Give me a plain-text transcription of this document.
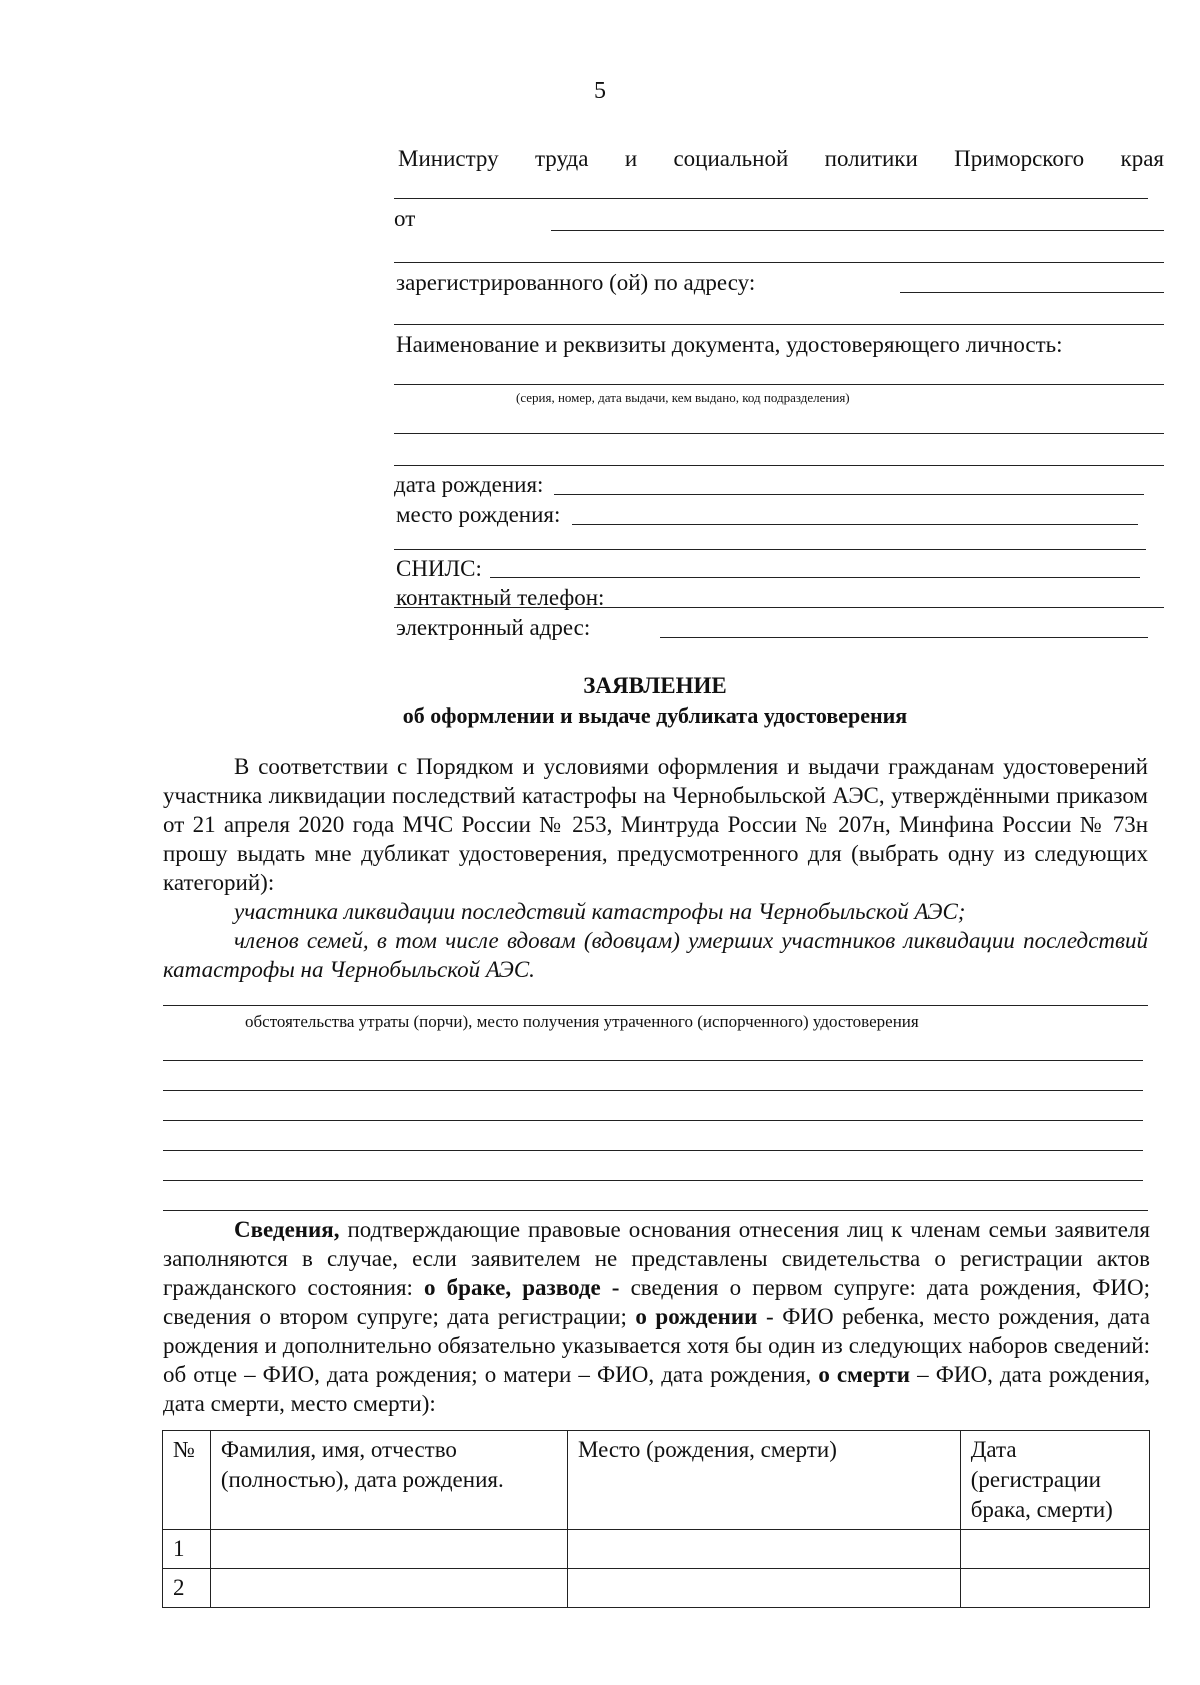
5
Министру труда и социальной политики Приморского края
от
зарегистрированного (ой) по адресу:
Наименование и реквизиты документа, удостоверяющего личность:
(серия, номер, дата выдачи, кем выдано, код подразделения)
дата рождения:
место рождения:
СНИЛС:
контактный телефон:
электронный адрес:
ЗАЯВЛЕНИЕ
об оформлении и выдаче дубликата удостоверения

В соответствии с Порядком и условиями оформления и выдачи гражданам удостоверений участника ликвидации последствий катастрофы на Чернобыльской АЭС, утверждёнными приказом от 21 апреля 2020 года МЧС России № 253, Минтруда России № 207н, Минфина России № 73н прошу выдать мне дубликат удостоверения, предусмотренного для (выбрать одну из следующих категорий):

участника ликвидации последствий катастрофы на Чернобыльской АЭС;

членов семей, в том числе вдовам (вдовцам) умерших участников ликвидации последствий катастрофы на Чернобыльской АЭС.

обстоятельства утраты (порчи), место получения утраченного (испорченного) удостоверения

Сведения, подтверждающие правовые основания отнесения лиц к членам семьи заявителя заполняются в случае, если заявителем не представлены свидетельства о регистрации актов гражданского состояния: о браке, разводе - сведения о первом супруге: дата рождения, ФИО; сведения о втором супруге; дата регистрации; о рождении - ФИО ребенка, место рождения, дата рождения и дополнительно обязательно указывается хотя бы один из следующих наборов сведений: об отце – ФИО, дата рождения; о матери – ФИО, дата рождения, о смерти – ФИО, дата рождения, дата смерти, место смерти):

№	Фамилия, имя, отчество (полностью), дата рождения.	Место (рождения, смерти)	Дата (регистрации брака, смерти)
1			
2			
